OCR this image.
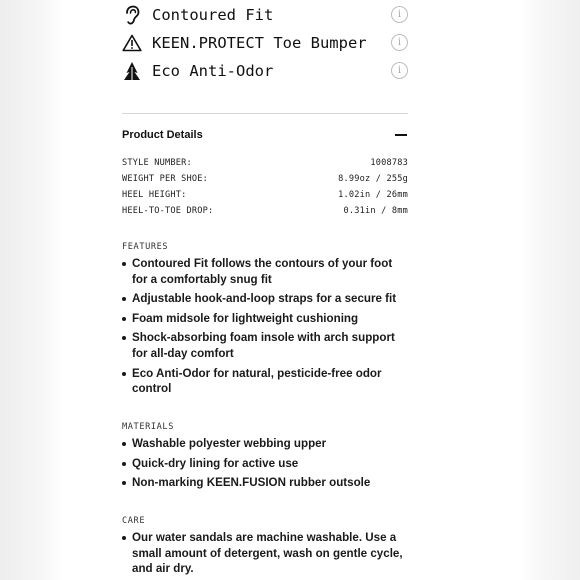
Contoured Fit	i
KEEN.PROTECT Toe Bumper	i
Eco Anti-Odor	i
Product Details
STYLE NUMBER:	1008783
WEIGHT PER SHOE:	8.99oz / 255g
HEEL HEIGHT:	1.02in / 26mm
HEEL-TO-TOE DROP:	0.31in / 8mm
FEATURES
Contoured Fit follows the contours of your foot for a comfortably snug fit
Adjustable hook-and-loop straps for a secure fit
Foam midsole for lightweight cushioning
Shock-absorbing foam insole with arch support for all-day comfort
Eco Anti-Odor for natural, pesticide-free odor control
MATERIALS
Washable polyester webbing upper
Quick-dry lining for active use
Non-marking KEEN.FUSION rubber outsole
CARE
Our water sandals are machine washable. Use a small amount of detergent, wash on gentle cycle, and air dry.
